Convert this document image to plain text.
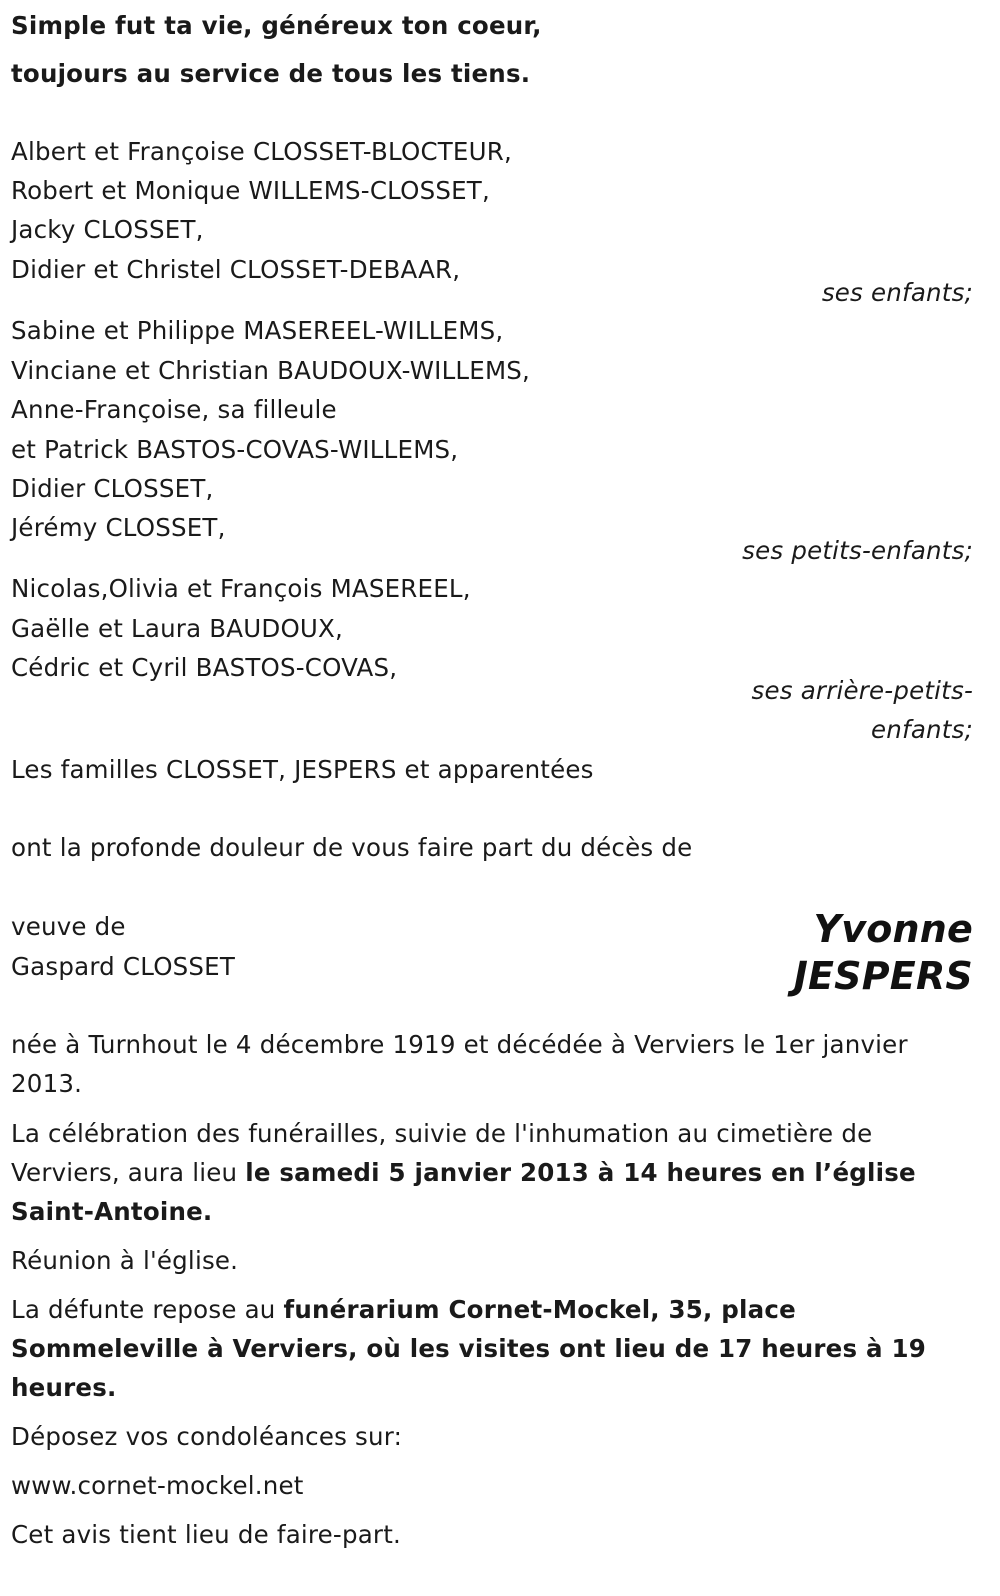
Simple fut ta vie, généreux ton coeur,
toujours au service de tous les tiens.
Albert et Françoise CLOSSET-BLOCTEUR,
Robert et Monique WILLEMS-CLOSSET,
Jacky CLOSSET,
Didier et Christel CLOSSET-DEBAAR,
ses enfants;
Sabine et Philippe MASEREEL-WILLEMS,
Vinciane et Christian BAUDOUX-WILLEMS,
Anne-Françoise, sa filleule
et Patrick BASTOS-COVAS-WILLEMS,
Didier CLOSSET,
Jérémy CLOSSET,
ses petits-enfants;
Nicolas,Olivia et François MASEREEL,
Gaëlle et Laura BAUDOUX,
Cédric et Cyril BASTOS-COVAS,
ses arrière-petits-
enfants;
Les familles CLOSSET, JESPERS et apparentées
ont la profonde douleur de vous faire part du décès de
veuve de
Gaspard CLOSSET
Yvonne
JESPERS
née à Turnhout le 4 décembre 1919 et décédée à Verviers le 1er janvier
2013.
La célébration des funérailles, suivie de l'inhumation au cimetière de
Verviers, aura lieu le samedi 5 janvier 2013 à 14 heures en l’église
Saint-Antoine.
Réunion à l'église.
La défunte repose au funérarium Cornet-Mockel, 35, place
Sommeleville à Verviers, où les visites ont lieu de 17 heures à 19
heures.
Déposez vos condoléances sur:
www.cornet-mockel.net
Cet avis tient lieu de faire-part.
